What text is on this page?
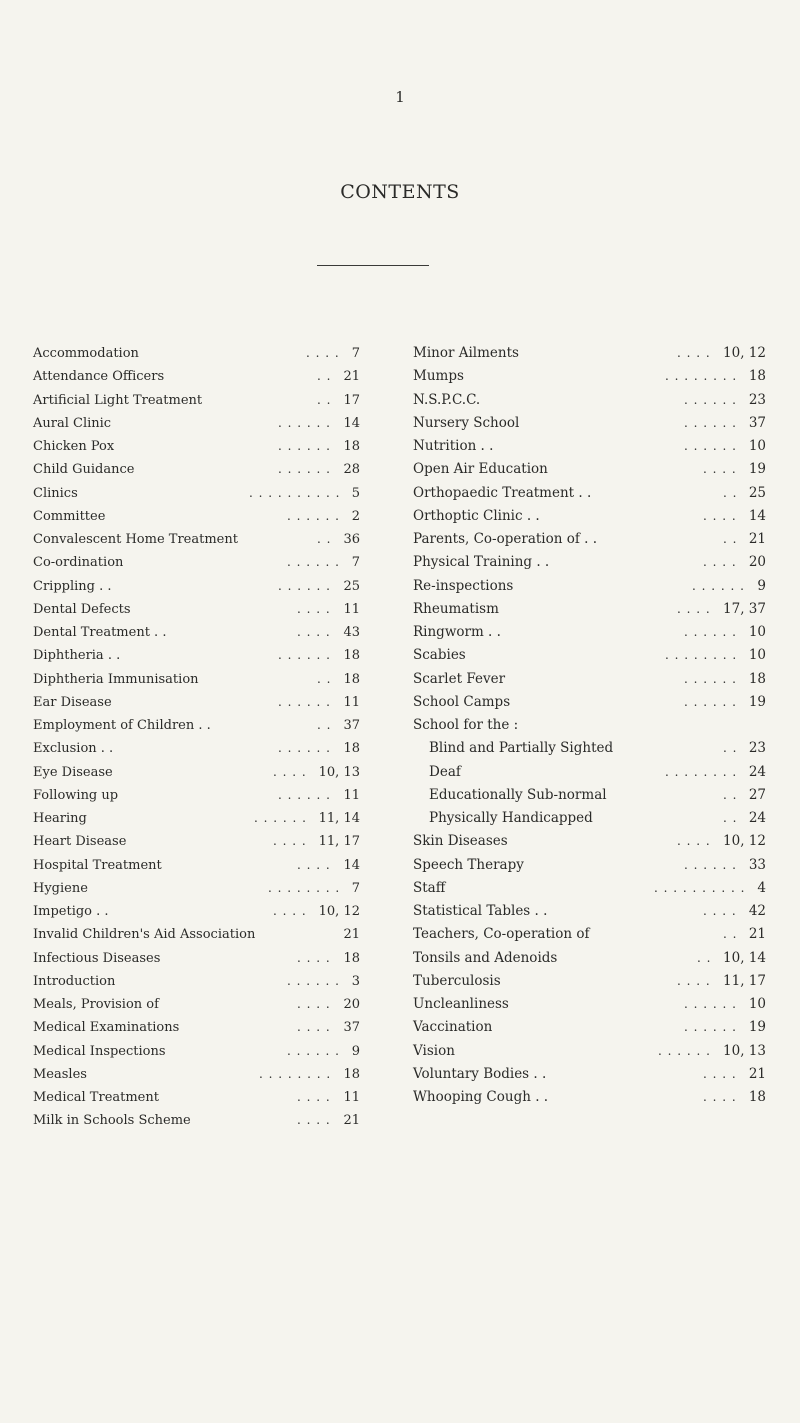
1
CONTENTS
Accommodation	. . . . 7
Attendance Officers	. . 21
Artificial Light Treatment	. . 17
Aural Clinic	. . . . . . 14
Chicken Pox	. . . . . . 18
Child Guidance	. . . . . . 28
Clinics	. . . . . . . . . . 5
Committee	. . . . . . 2
Convalescent Home Treatment	. . 36
Co-ordination	. . . . . . 7
Crippling . .	. . . . . . 25
Dental Defects	. . . . 11
Dental Treatment . .	. . . . 43
Diphtheria . .	. . . . . . 18
Diphtheria Immunisation	. . 18
Ear Disease	. . . . . . 11
Employment of Children . .	. . 37
Exclusion . .	. . . . . . 18
Eye Disease	. . . . 10, 13
Following up	. . . . . . 11
Hearing	. . . . . . 11, 14
Heart Disease	. . . . 11, 17
Hospital Treatment	. . . . 14
Hygiene	. . . . . . . . 7
Impetigo . .	. . . . 10, 12
Invalid Children's Aid Association	21
Infectious Diseases	. . . . 18
Introduction	. . . . . . 3
Meals, Provision of	. . . . 20
Medical Examinations	. . . . 37
Medical Inspections	. . . . . . 9
Measles	. . . . . . . . 18
Medical Treatment	. . . . 11
Milk in Schools Scheme	. . . . 21
Minor Ailments	. . . . 10, 12
Mumps	. . . . . . . . 18
N.S.P.C.C.	. . . . . . 23
Nursery School	. . . . . . 37
Nutrition . .	. . . . . . 10
Open Air Education	. . . . 19
Orthopaedic Treatment . .	. . 25
Orthoptic Clinic . .	. . . . 14
Parents, Co-operation of . .	. . 21
Physical Training . .	. . . . 20
Re-inspections	. . . . . . 9
Rheumatism	. . . . 17, 37
Ringworm . .	. . . . . . 10
Scabies	. . . . . . . . 10
Scarlet Fever	. . . . . . 18
School Camps	. . . . . . 19
School for the :
Blind and Partially Sighted	. . 23
Deaf	. . . . . . . . 24
Educationally Sub-normal	. . 27
Physically Handicapped	. . 24
Skin Diseases	. . . . 10, 12
Speech Therapy	. . . . . . 33
Staff	. . . . . . . . . . 4
Statistical Tables . .	. . . . 42
Teachers, Co-operation of	. . 21
Tonsils and Adenoids	. . 10, 14
Tuberculosis	. . . . 11, 17
Uncleanliness	. . . . . . 10
Vaccination	. . . . . . 19
Vision	. . . . . . 10, 13
Voluntary Bodies . .	. . . . 21
Whooping Cough . .	. . . . 18
